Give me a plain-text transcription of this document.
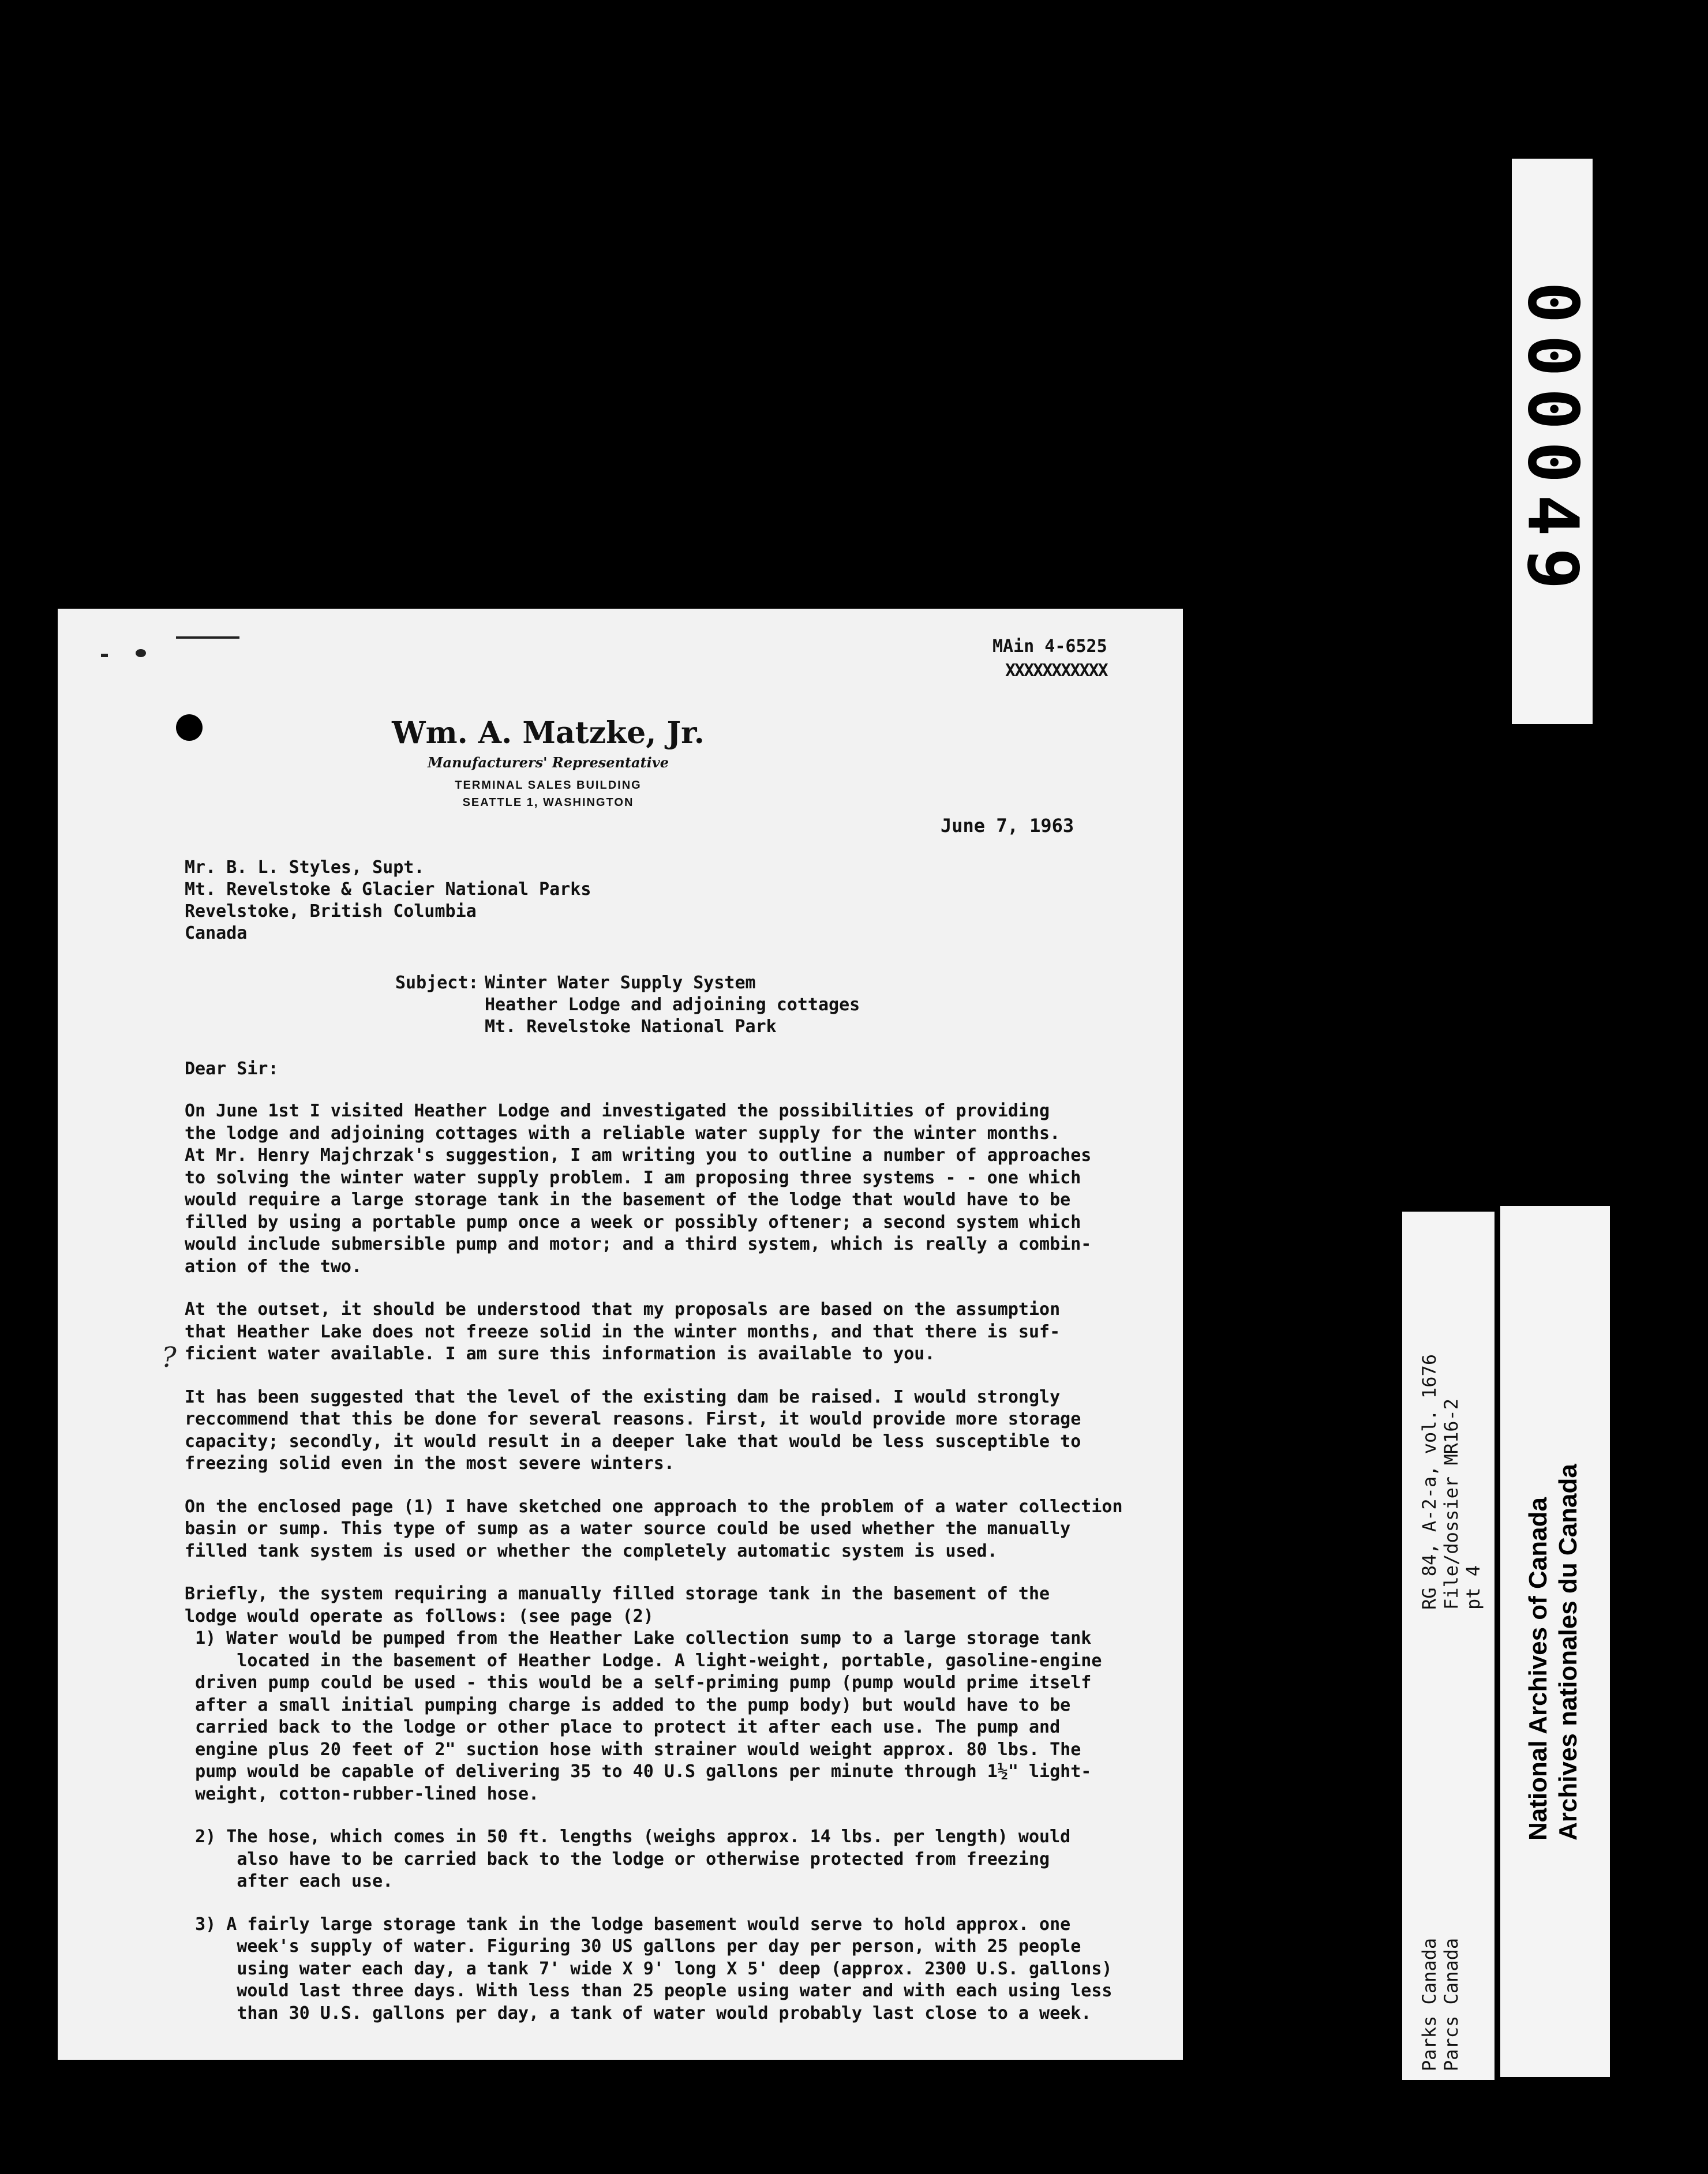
000049
MAin 4-6525
XXXXXXXXXXX
Wm. A. Matzke, Jr.
Manufacturers' Representative
TERMINAL SALES BUILDING
SEATTLE 1, WASHINGTON
June 7, 1963
Mr. B. L. Styles, Supt.
Mt. Revelstoke & Glacier National Parks
Revelstoke, British Columbia
Canada
Subject: Winter Water Supply System
Heather Lodge and adjoining cottages
Mt. Revelstoke National Park
Dear Sir:
?

On June 1st I visited Heather Lodge and investigated the possibilities of providing
the lodge and adjoining cottages with a reliable water supply for the winter months.
At Mr. Henry Majchrzak's suggestion, I am writing you to outline a number of approaches
to solving the winter water supply problem. I am proposing three systems - - one which
would require a large storage tank in the basement of the lodge that would have to be
filled by using a portable pump once a week or possibly oftener; a second system which
would include submersible pump and motor; and a third system, which is really a combin-
ation of the two.

At the outset, it should be understood that my proposals are based on the assumption
that Heather Lake does not freeze solid in the winter months, and that there is suf-
ficient water available. I am sure this information is available to you.

It has been suggested that the level of the existing dam be raised. I would strongly
reccommend that this be done for several reasons. First, it would provide more storage
capacity; secondly, it would result in a deeper lake that would be less susceptible to
freezing solid even in the most severe winters.

On the enclosed page (1) I have sketched one approach to the problem of a water collection
basin or sump. This type of sump as a water source could be used whether the manually
filled tank system is used or whether the completely automatic system is used.

Briefly, the system requiring a manually filled storage tank in the basement of the
lodge would operate as follows: (see page (2)

1) Water would be pumped from the Heather Lake collection sump to a large storage tank
located in the basement of Heather Lodge. A light-weight, portable, gasoline-engine
driven pump could be used - this would be a self-priming pump (pump would prime itself
after a small initial pumping charge is added to the pump body) but would have to be
carried back to the lodge or other place to protect it after each use. The pump and
engine plus 20 feet of 2" suction hose with strainer would weight approx. 80 lbs. The
pump would be capable of delivering 35 to 40 U.S gallons per minute through 1½" light-
weight, cotton-rubber-lined hose.

2) The hose, which comes in 50 ft. lengths (weighs approx. 14 lbs. per length) would
also have to be carried back to the lodge or otherwise protected from freezing
after each use.

3) A fairly large storage tank in the lodge basement would serve to hold approx. one
week's supply of water. Figuring 30 US gallons per day per person, with 25 people
using water each day, a tank 7' wide X 9' long X 5' deep (approx. 2300 U.S. gallons)
would last three days. With less than 25 people using water and with each using less
than 30 U.S. gallons per day, a tank of water would probably last close to a week.

RG 84, A-2-a, vol. 1676
File/dossier MR16-2
pt 4
Parks Canada
Parcs Canada
National Archives of Canada
Archives nationales du Canada
